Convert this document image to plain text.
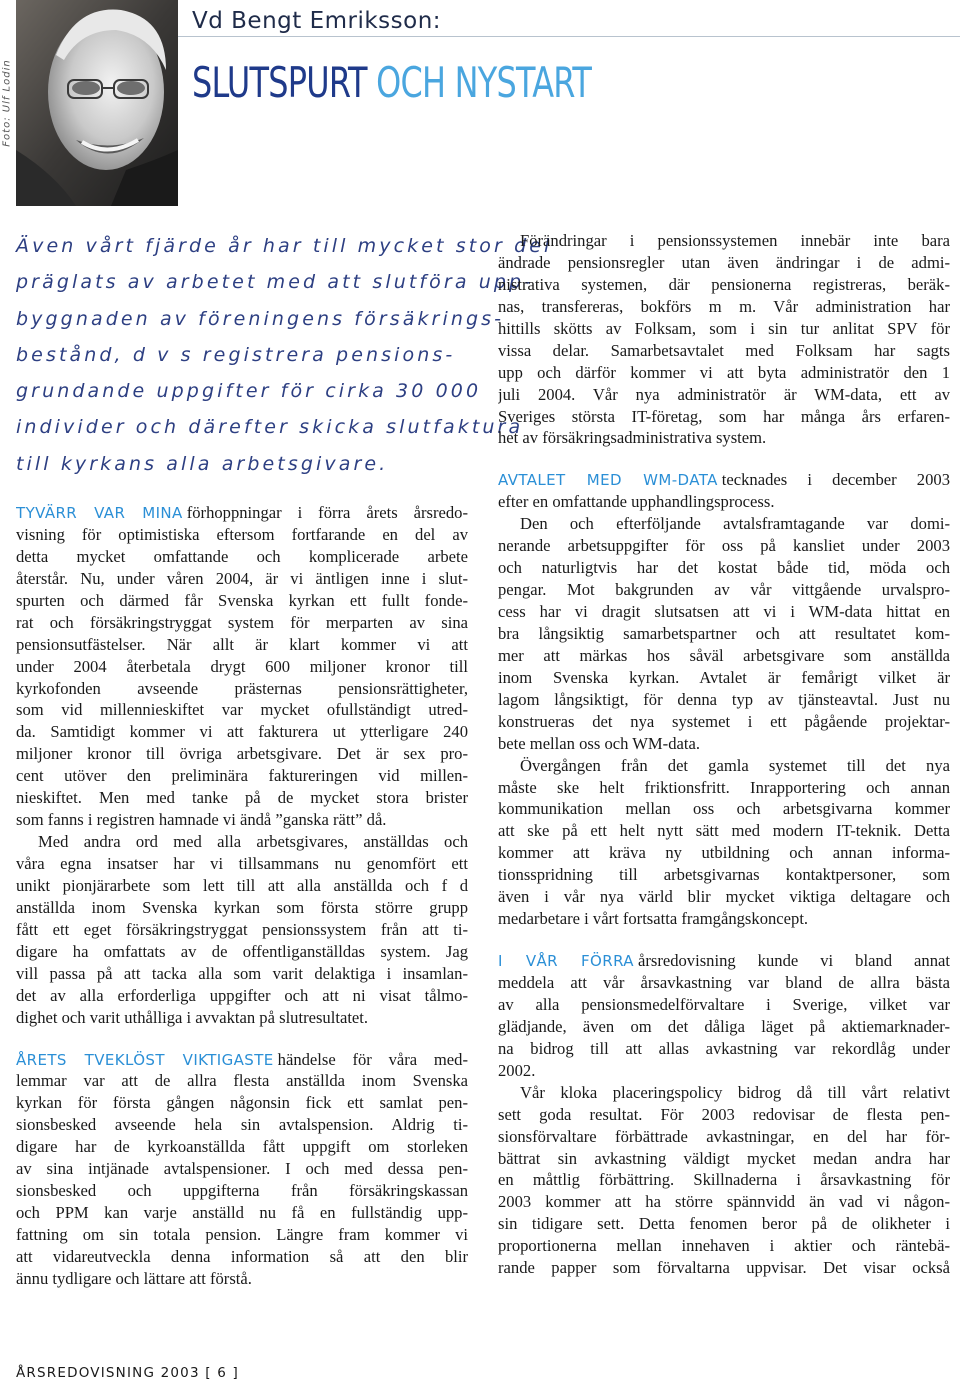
Foto: Ulf Lodin
Vd Bengt Emriksson:
SLUTSPURT OCH NYSTART
Även vårt fjärde år har till mycket stor del
präglats av arbetet med att slutföra upp-
byggnaden av föreningens försäkrings-
bestånd, d v s registrera pensions-
grundande uppgifter för cirka 30 000
individer och därefter skicka slutfaktura
till kyrkans alla arbetsgivare.
TYVÄRR VAR MINA förhoppningar i förra årets årsredo-
visning för optimistiska eftersom fortfarande en del av
detta mycket omfattande och komplicerade arbete
återstår. Nu, under våren 2004, är vi äntligen inne i slut-
spurten och därmed får Svenska kyrkan ett fullt fonde-
rat och försäkringstryggat system för merparten av sina
pensionsutfästelser. När allt är klart kommer vi att
under 2004 återbetala drygt 600 miljoner kronor till
kyrkofonden avseende prästernas pensionsrättigheter,
som vid millennieskiftet var mycket ofullständigt utred-
da. Samtidigt kommer vi att fakturera ut ytterligare 240
miljoner kronor till övriga arbetsgivare. Det är sex pro-
cent utöver den preliminära faktureringen vid millen-
nieskiftet. Men med tanke på de mycket stora brister
som fanns i registren hamnade vi ändå ”ganska rätt” då.
Med andra ord med alla arbetsgivares, anställdas och
våra egna insatser har vi tillsammans nu genomfört ett
unikt pionjärarbete som lett till att alla anställda och f d
anställda inom Svenska kyrkan som första större grupp
fått ett eget försäkringstryggat pensionssystem från att ti-
digare ha omfattats av de offentliganställdas system. Jag
vill passa på att tacka alla som varit delaktiga i insamlan-
det av alla erforderliga uppgifter och att ni visat tålmo-
dighet och varit uthålliga i avvaktan på slutresultatet.
ÅRETS TVEKLÖST VIKTIGASTE händelse för våra med-
lemmar var att de allra flesta anställda inom Svenska
kyrkan för första gången någonsin fick ett samlat pen-
sionsbesked avseende hela sin avtalspension. Aldrig ti-
digare har de kyrkoanställda fått uppgift om storleken
av sina intjänade avtalspensioner. I och med dessa pen-
sionsbesked och uppgifterna från försäkringskassan
och PPM kan varje anställd nu få en fullständig upp-
fattning om sin totala pension. Längre fram kommer vi
att vidareutveckla denna information så att den blir
ännu tydligare och lättare att förstå.
Förändringar i pensionssystemen innebär inte bara
ändrade pensionsregler utan även ändringar i de admi-
nistrativa systemen, där pensionerna registreras, beräk-
nas, transfereras, bokförs m m. Vår administration har
hittills skötts av Folksam, som i sin tur anlitat SPV för
vissa delar. Samarbetsavtalet med Folksam har sagts
upp och därför kommer vi att byta administratör den 1
juli 2004. Vår nya administratör är WM-data, ett av
Sveriges största IT-företag, som har många års erfaren-
het av försäkringsadministrativa system.
AVTALET MED WM-DATA tecknades i december 2003
efter en omfattande upphandlingsprocess.
Den och efterföljande avtalsframtagande var domi-
nerande arbetsuppgifter för oss på kansliet under 2003
och naturligtvis har det kostat både tid, möda och
pengar. Mot bakgrunden av vår vittgående urvalspro-
cess har vi dragit slutsatsen att vi i WM-data hittat en
bra långsiktig samarbetspartner och att resultatet kom-
mer att märkas hos såväl arbetsgivare som anställda
inom Svenska kyrkan. Avtalet är femårigt vilket är
lagom långsiktigt, för denna typ av tjänsteavtal. Just nu
konstrueras det nya systemet i ett pågående projektar-
bete mellan oss och WM-data.
Övergången från det gamla systemet till det nya
måste ske helt friktionsfritt. Inrapportering och annan
kommunikation mellan oss och arbetsgivarna kommer
att ske på ett helt nytt sätt med modern IT-teknik. Detta
kommer att kräva ny utbildning och annan informa-
tionsspridning till arbetsgivarnas kontaktpersoner, som
även i vår nya värld blir mycket viktiga deltagare och
medarbetare i vårt fortsatta framgångskoncept.
I VÅR FÖRRA årsredovisning kunde vi bland annat
meddela att vår årsavkastning var bland de allra bästa
av alla pensionsmedelförvaltare i Sverige, vilket var
glädjande, även om det dåliga läget på aktiemarknader-
na bidrog till att allas avkastning var rekordlåg under
2002.
Vår kloka placeringspolicy bidrog då till vårt relativt
sett goda resultat. För 2003 redovisar de flesta pen-
sionsförvaltare förbättrade avkastningar, en del har för-
bättrat sin avkastning väldigt mycket medan andra har
en måttlig förbättring. Skillnaderna i årsavkastning för
2003 kommer att ha större spännvidd än vad vi någon-
sin tidigare sett. Detta fenomen beror på de olikheter i
proportionerna mellan innehaven i aktier och räntebä-
rande papper som förvaltarna uppvisar. Det visar också
ÅRSREDOVISNING 2003 [ 6 ]
